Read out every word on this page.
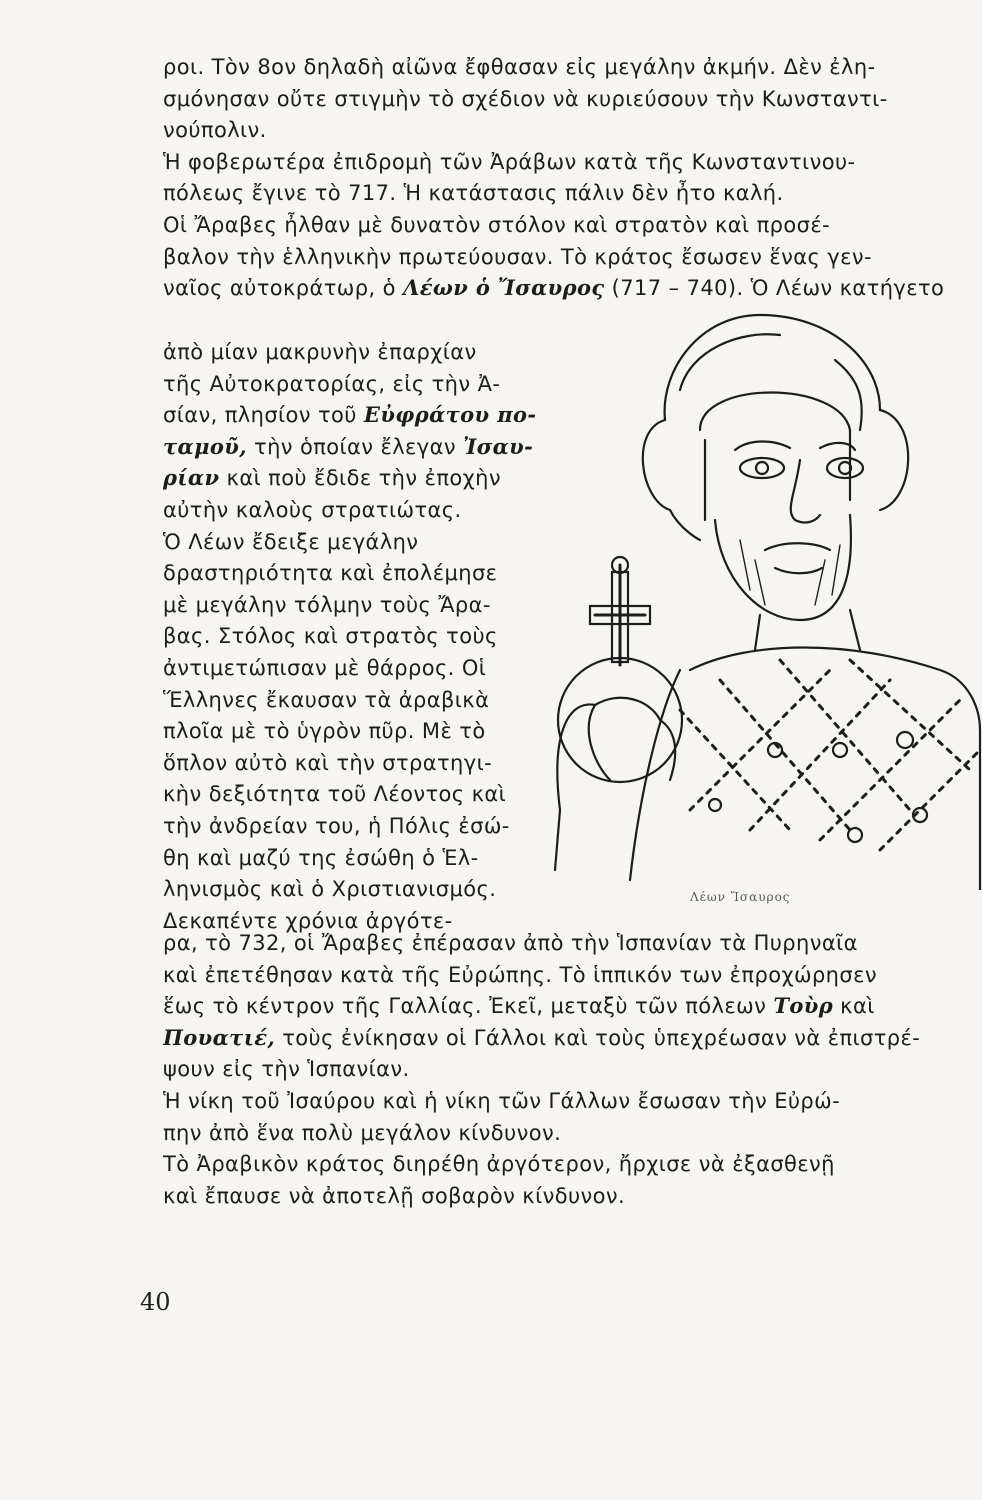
ροι. Τὸν 8ον δηλαδὴ αἰῶνα ἔφθασαν εἰς μεγάλην ἀκμήν. Δὲν ἐλη-
σμόνησαν οὔτε στιγμὴν τὸ σχέδιον νὰ κυριεύσουν τὴν Κωνσταντι-
νούπολιν.
Ἡ φοβερωτέρα ἐπιδρομὴ τῶν Ἀράβων κατὰ τῆς Κωνσταντινου-
πόλεως ἔγινε τὸ 717. Ἡ κατάστασις πάλιν δὲν ἦτο καλή.
Οἱ Ἄραβες ἦλθαν μὲ δυνατὸν στόλον καὶ στρατὸν καὶ προσέ-
βαλον τὴν ἑλληνικὴν πρωτεύουσαν. Τὸ κράτος ἔσωσεν ἕνας γεν-
ναῖος αὐτοκράτωρ, ὁ Λέων ὁ Ἴσαυρος (717 – 740). Ὁ Λέων κατήγετο
ἀπὸ μίαν μακρυνὴν ἐπαρχίαν
τῆς Αὐτοκρατορίας, εἰς τὴν Ἀ-
σίαν, πλησίον τοῦ Εὐφράτου πο-
ταμοῦ, τὴν ὁποίαν ἔλεγαν Ἰσαυ-
ρίαν καὶ ποὺ ἔδιδε τὴν ἐποχὴν
αὐτὴν καλοὺς στρατιώτας.
Ὁ Λέων ἔδειξε μεγάλην
δραστηριότητα καὶ ἐπολέμησε
μὲ μεγάλην τόλμην τοὺς Ἄρα-
βας. Στόλος καὶ στρατὸς τοὺς
ἀντιμετώπισαν μὲ θάρρος. Οἱ
Ἕλληνες ἔκαυσαν τὰ ἀραβικὰ
πλοῖα μὲ τὸ ὑγρὸν πῦρ. Μὲ τὸ
ὅπλον αὐτὸ καὶ τὴν στρατηγι-
κὴν δεξιότητα τοῦ Λέοντος καὶ
τὴν ἀνδρείαν του, ἡ Πόλις ἐσώ-
θη καὶ μαζύ της ἐσώθη ὁ Ἑλ-
ληνισμὸς καὶ ὁ Χριστιανισμός.
Δεκαπέντε χρόνια ἀργότε-
ρα, τὸ 732, οἱ Ἄραβες ἐπέρασαν ἀπὸ τὴν Ἱσπανίαν τὰ Πυρηναῖα
καὶ ἐπετέθησαν κατὰ τῆς Εὐρώπης. Τὸ ἱππικόν των ἐπροχώρησεν
ἕως τὸ κέντρον τῆς Γαλλίας. Ἐκεῖ, μεταξὺ τῶν πόλεων Τοὺρ καὶ
Πουατιέ, τοὺς ἐνίκησαν οἱ Γάλλοι καὶ τοὺς ὑπεχρέωσαν νὰ ἐπιστρέ-
ψουν εἰς τὴν Ἱσπανίαν.
Ἡ νίκη τοῦ Ἰσαύρου καὶ ἡ νίκη τῶν Γάλλων ἔσωσαν τὴν Εὐρώ-
πην ἀπὸ ἕνα πολὺ μεγάλον κίνδυνον.
Τὸ Ἀραβικὸν κράτος διηρέθη ἀργότερον, ἤρχισε νὰ ἐξασθενῇ
καὶ ἔπαυσε νὰ ἀποτελῇ σοβαρὸν κίνδυνον.
Λέων Ἴσαυρος
40
